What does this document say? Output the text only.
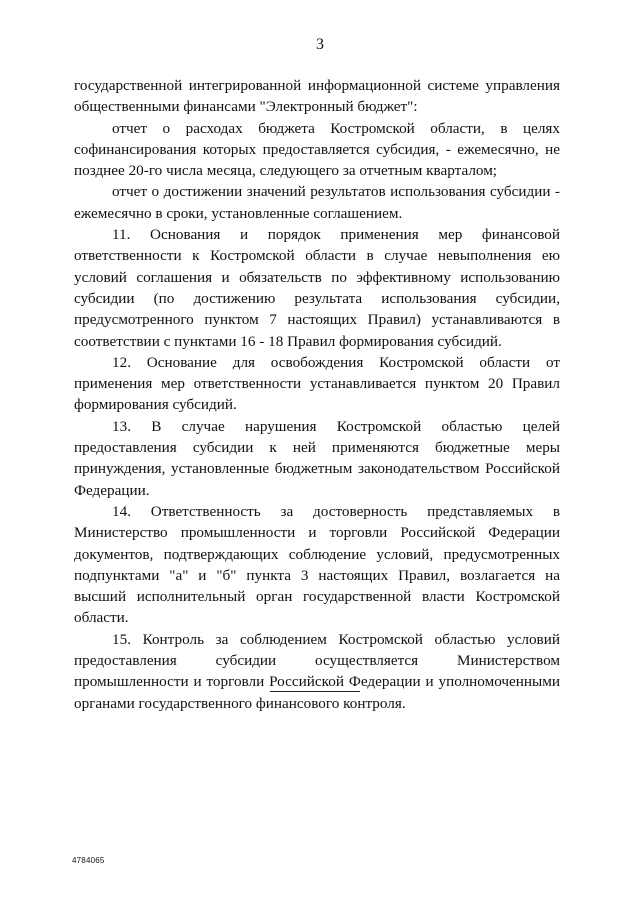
3

государственной интегрированной информационной системе управления общественными финансами "Электронный бюджет":

отчет о расходах бюджета Костромской области, в целях софинансирования которых предоставляется субсидия, - ежемесячно, не позднее 20-го числа месяца, следующего за отчетным кварталом;

отчет о достижении значений результатов использования субсидии - ежемесячно в сроки, установленные соглашением.

11. Основания и порядок применения мер финансовой ответственности к Костромской области в случае невыполнения ею условий соглашения и обязательств по эффективному использованию субсидии (по достижению результата использования субсидии, предусмотренного пунктом 7 настоящих Правил) устанавливаются в соответствии с пунктами 16 - 18 Правил формирования субсидий.

12. Основание для освобождения Костромской области от применения мер ответственности устанавливается пунктом 20 Правил формирования субсидий.

13. В случае нарушения Костромской областью целей предоставления субсидии к ней применяются бюджетные меры принуждения, установленные бюджетным законодательством Российской Федерации.

14. Ответственность за достоверность представляемых в Министерство промышленности и торговли Российской Федерации документов, подтверждающих соблюдение условий, предусмотренных подпунктами "а" и "б" пункта 3 настоящих Правил, возлагается на высший исполнительный орган государственной власти Костромской области.

15. Контроль за соблюдением Костромской областью условий предоставления субсидии осуществляется Министерством промышленности и торговли Российской Федерации и уполномоченными органами государственного финансового контроля.

4784065
